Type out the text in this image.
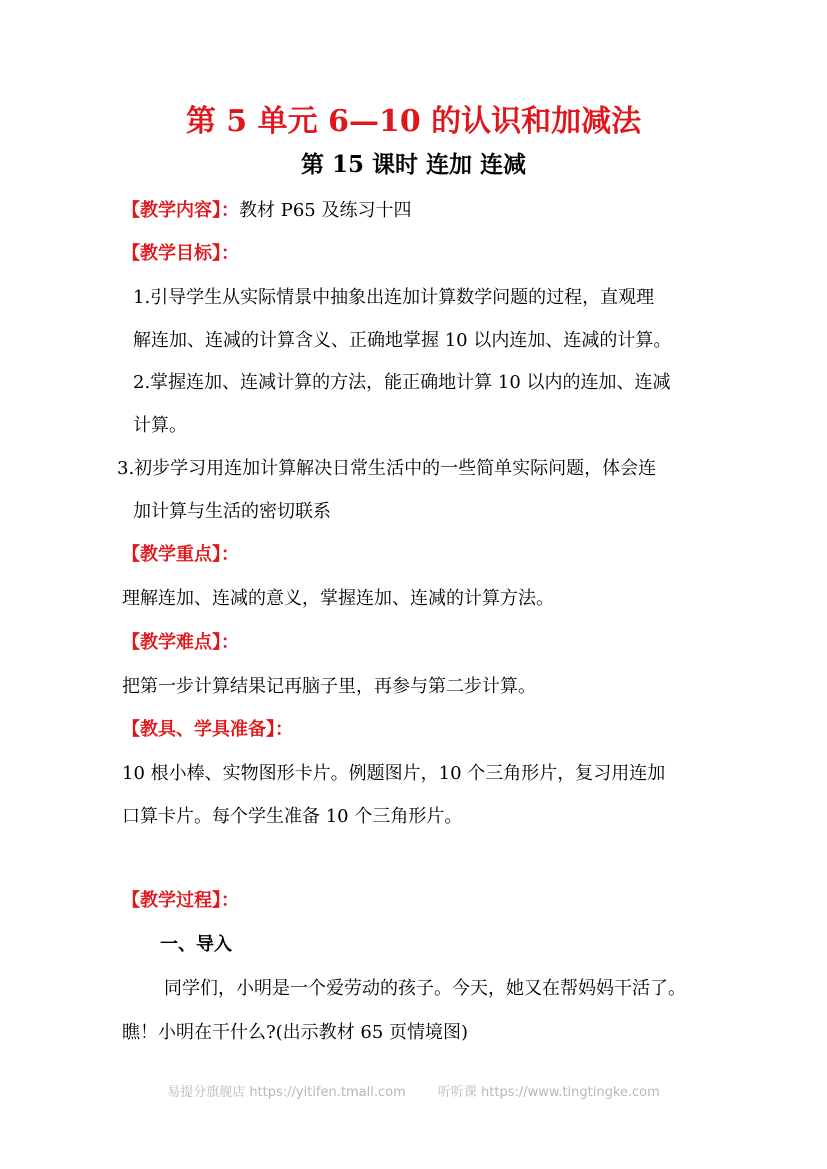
第 5 单元 6—10 的认识和加减法
第 15 课时 连加 连减
【教学内容】：教材 P65 及练习十四
【教学目标】：
1.引导学生从实际情景中抽象出连加计算数学问题的过程，直观理
解连加、连减的计算含义、正确地掌握 10 以内连加、连减的计算。
2.掌握连加、连减计算的方法，能正确地计算 10 以内的连加、连减
计算。
3.初步学习用连加计算解决日常生活中的一些简单实际问题，体会连
加计算与生活的密切联系
【教学重点】：
理解连加、连减的意义，掌握连加、连减的计算方法。
【教学难点】：
把第一步计算结果记再脑子里，再参与第二步计算。
【教具、学具准备】：
10 根小棒、实物图形卡片。例题图片，10 个三角形片，复习用连加
口算卡片。每个学生准备 10 个三角形片。
【教学过程】：
一、导入
同学们，小明是一个爱劳动的孩子。今天，她又在帮妈妈干活了。
瞧！小明在干什么?(出示教材 65 页情境图)
易提分旗舰店 https://yitifen.tmall.com 听听课 https://www.tingtingke.com
